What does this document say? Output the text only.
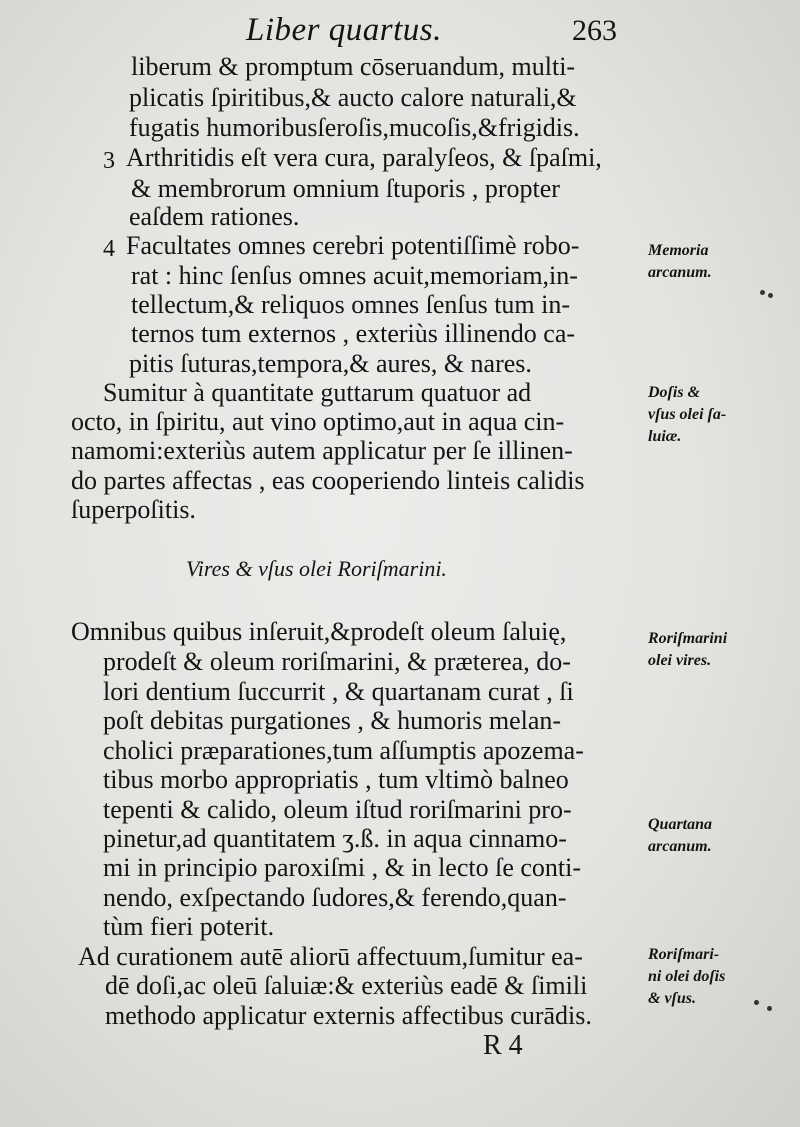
Liber quartus.	263
liberum & promptum cōseruandum, multi-
plicatis ſpiritibus,& aucto calore naturali,&
fugatis humoribusſeroſis,mucoſis,&frigidis.
3 Arthritidis eſt vera cura, paralyſeos, & ſpaſmi,
& membrorum omnium ſtuporis , propter
eaſdem rationes.
4 Facultates omnes cerebri potentiſſimè robo-
rat : hinc ſenſus omnes acuit,memoriam,in-
tellectum,& reliquos omnes ſenſus tum in-
ternos tum externos , exteriùs illinendo ca-
pitis ſuturas,tempora,& aures, & nares.
Sumitur à quantitate guttarum quatuor ad
octo, in ſpiritu, aut vino optimo,aut in aqua cin-
namomi:exteriùs autem applicatur per ſe illinen-
do partes affectas , eas cooperiendo linteis calidis
ſuperpoſitis.
Vires & vſus olei Roriſmarini.
Omnibus quibus inſeruit,&prodeſt oleum ſaluię,
prodeſt & oleum roriſmarini, & præterea, do-
lori dentium ſuccurrit , & quartanam curat , ſi
poſt debitas purgationes , & humoris melan-
cholici præparationes,tum aſſumptis apozema-
tibus morbo appropriatis , tum vltimò balneo
tepenti & calido, oleum iſtud roriſmarini pro-
pinetur,ad quantitatem ʒ.ß. in aqua cinnamo-
mi in principio paroxiſmi , & in lecto ſe conti-
nendo, exſpectando ſudores,& ferendo,quan-
tùm fieri poterit.
Ad curationem autē aliorū affectuum,ſumitur ea-
dē doſi,ac oleū ſaluiæ:& exteriùs eadē & ſimili
methodo applicatur externis affectibus curādis.
R 4
Memoria
arcanum.
Doſis &
vſus olei ſa-
luiæ.
Roriſmarini
olei vires.
Quartana
arcanum.
Roriſmari-
ni olei doſis
& vſus.
